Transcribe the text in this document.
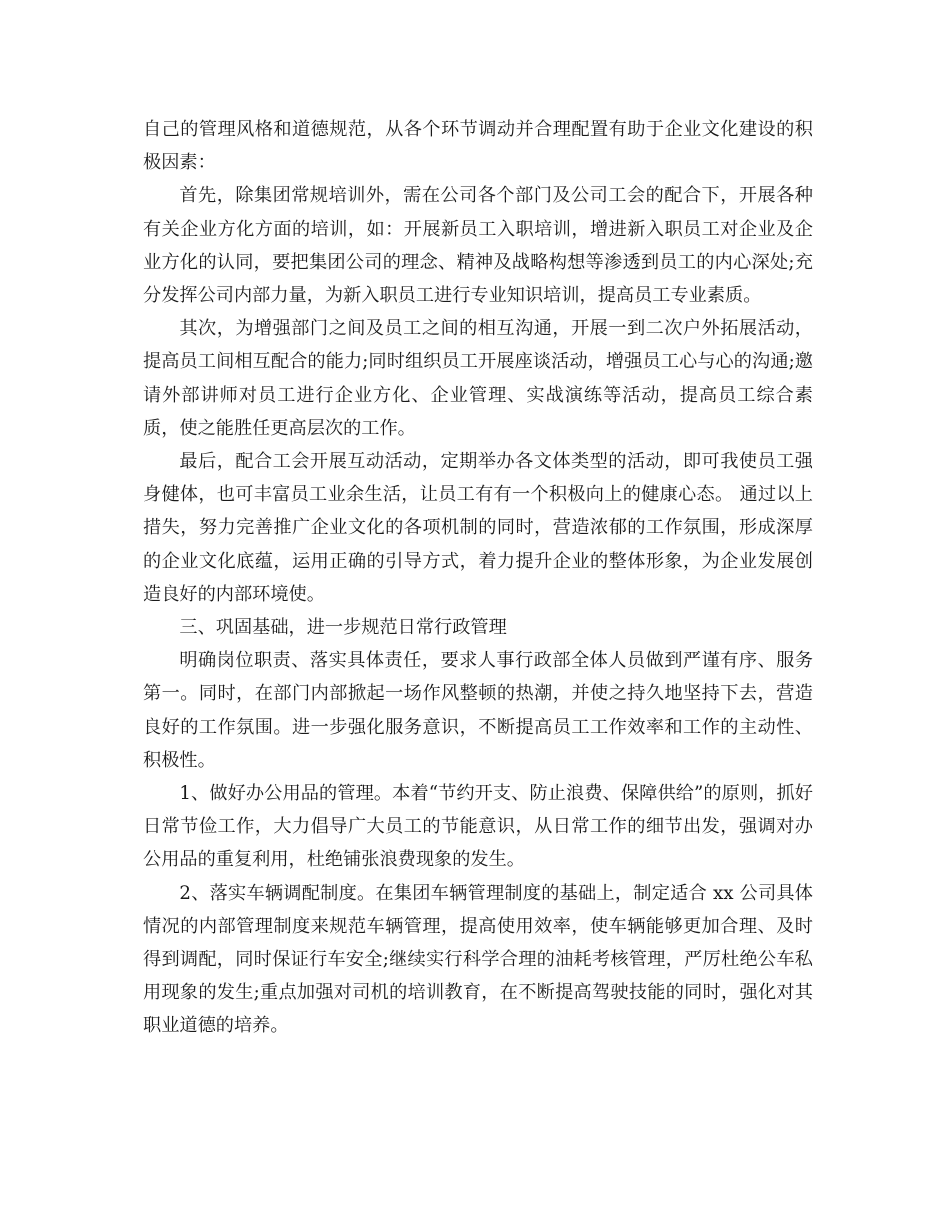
自己的管理风格和道德规范，从各个环节调动并合理配置有助于企业文化建设的积极因素：

首先，除集团常规培训外，需在公司各个部门及公司工会的配合下，开展各种有关企业方化方面的培训，如：开展新员工入职培训，增进新入职员工对企业及企业方化的认同，要把集团公司的理念、精神及战略构想等渗透到员工的内心深处;充分发挥公司内部力量，为新入职员工进行专业知识培训，提高员工专业素质。

其次，为增强部门之间及员工之间的相互沟通，开展一到二次户外拓展活动，提高员工间相互配合的能力;同时组织员工开展座谈活动，增强员工心与心的沟通;邀请外部讲师对员工进行企业方化、企业管理、实战演练等活动，提高员工综合素质，使之能胜任更高层次的工作。

最后，配合工会开展互动活动，定期举办各文体类型的活动，即可我使员工强身健体，也可丰富员工业余生活，让员工有有一个积极向上的健康心态。 通过以上措失，努力完善推广企业文化的各项机制的同时，营造浓郁的工作氛围，形成深厚的企业文化底蕴，运用正确的引导方式，着力提升企业的整体形象，为企业发展创造良好的内部环境使。

三、巩固基础，进一步规范日常行政管理

明确岗位职责、落实具体责任，要求人事行政部全体人员做到严谨有序、服务第一。同时，在部门内部掀起一场作风整顿的热潮，并使之持久地坚持下去，营造良好的工作氛围。进一步强化服务意识，不断提高员工工作效率和工作的主动性、积极性。

1、做好办公用品的管理。本着“节约开支、防止浪费、保障供给”的原则，抓好日常节俭工作，大力倡导广大员工的节能意识，从日常工作的细节出发，强调对办公用品的重复利用，杜绝铺张浪费现象的发生。

2、落实车辆调配制度。在集团车辆管理制度的基础上，制定适合 xx 公司具体情况的内部管理制度来规范车辆管理，提高使用效率，使车辆能够更加合理、及时得到调配，同时保证行车安全;继续实行科学合理的油耗考核管理，严厉杜绝公车私用现象的发生;重点加强对司机的培训教育，在不断提高驾驶技能的同时，强化对其职业道德的培养。
